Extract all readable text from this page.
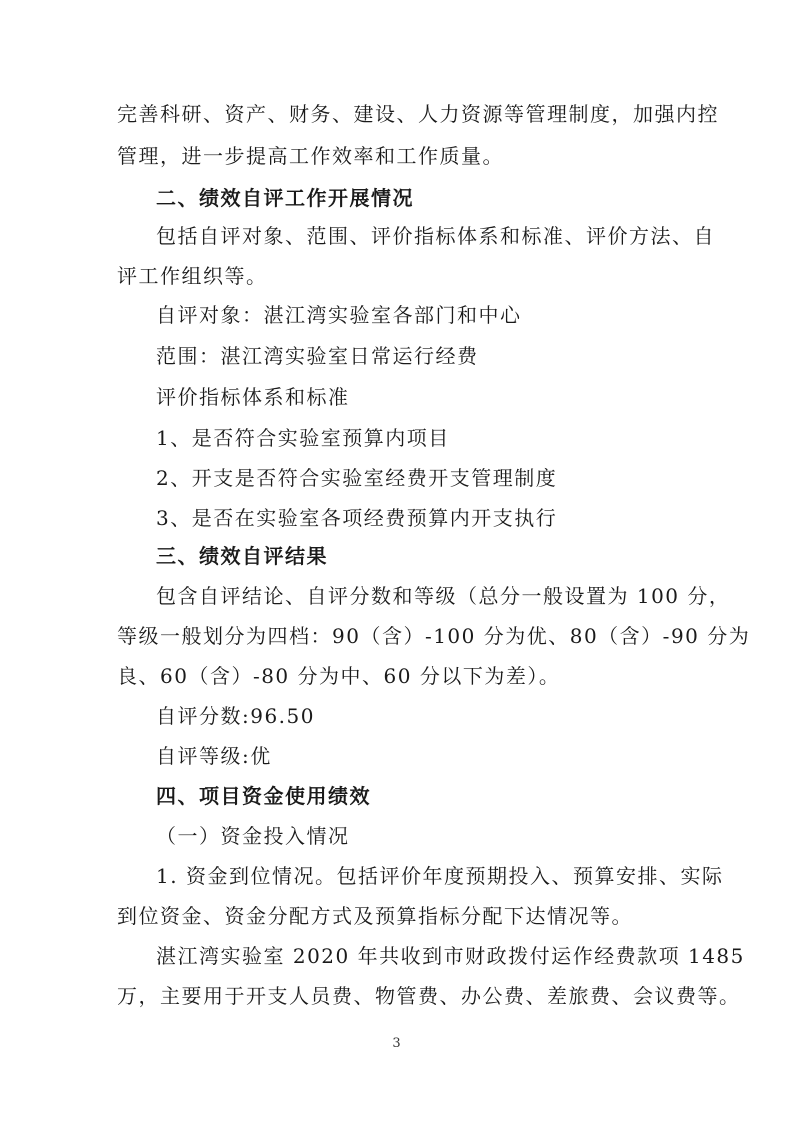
完善科研、资产、财务、建设、人力资源等管理制度，加强内控
管理，进一步提高工作效率和工作质量。
二、绩效自评工作开展情况
包括自评对象、范围、评价指标体系和标准、评价方法、自
评工作组织等。
自评对象：湛江湾实验室各部门和中心
范围：湛江湾实验室日常运行经费
评价指标体系和标准
1、是否符合实验室预算内项目
2、开支是否符合实验室经费开支管理制度
3、是否在实验室各项经费预算内开支执行
三、绩效自评结果
包含自评结论、自评分数和等级（总分一般设置为 100 分，
等级一般划分为四档：90（含）-100 分为优、80（含）-90 分为
良、60（含）-80 分为中、60 分以下为差）。
自评分数:96.50
自评等级:优
四、项目资金使用绩效
（一）资金投入情况
1. 资金到位情况。包括评价年度预期投入、预算安排、实际
到位资金、资金分配方式及预算指标分配下达情况等。
湛江湾实验室 2020 年共收到市财政拨付运作经费款项 1485
万，主要用于开支人员费、物管费、办公费、差旅费、会议费等。
3
